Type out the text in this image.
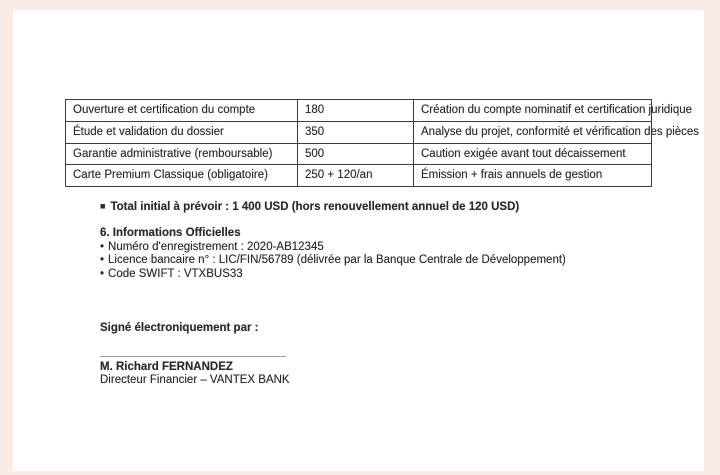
Ouverture et certification du compte	180	Création du compte nominatif et certification juridique
Étude et validation du dossier	350	Analyse du projet, conformité et vérification des pièces
Garantie administrative (remboursable)	500	Caution exigée avant tout décaissement
Carte Premium Classique (obligatoire)	250 + 120/an	Émission + frais annuels de gestion
■ Total initial à prévoir : 1 400 USD (hors renouvellement annuel de 120 USD)
6. Informations Officielles
• Numéro d'enregistrement : 2020-AB12345
• Licence bancaire n° : LIC/FIN/56789 (délivrée par la Banque Centrale de Développement)
• Code SWIFT : VTXBUS33
Signé électroniquement par :
M. Richard FERNANDEZ
Directeur Financier – VANTEX BANK
